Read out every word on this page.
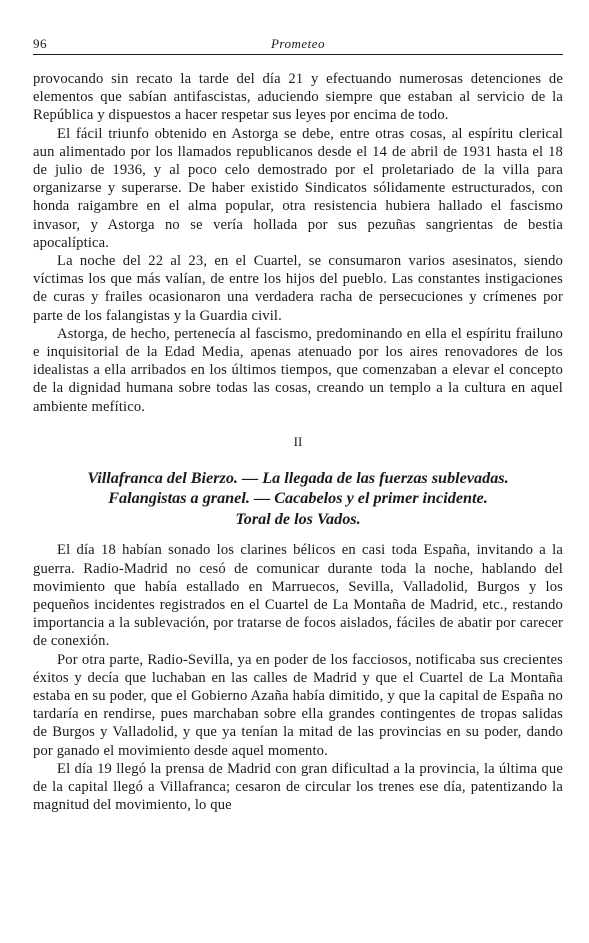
96	Prometeo

provocando sin recato la tarde del día 21 y efectuando numerosas detenciones de elementos que sabían antifascistas, aduciendo siempre que estaban al servicio de la República y dispuestos a hacer respetar sus leyes por encima de todo.

El fácil triunfo obtenido en Astorga se debe, entre otras cosas, al espíritu clerical aun alimentado por los llamados republicanos desde el 14 de abril de 1931 hasta el 18 de julio de 1936, y al poco celo demostrado por el proletariado de la villa para organizarse y superarse. De haber existido Sindicatos sólidamente estructurados, con honda raigambre en el alma popular, otra resistencia hubiera hallado el fascismo invasor, y Astorga no se vería hollada por sus pezuñas sangrientas de bestia apocalíptica.

La noche del 22 al 23, en el Cuartel, se consumaron varios asesinatos, siendo víctimas los que más valían, de entre los hijos del pueblo. Las constantes instigaciones de curas y frailes ocasionaron una verdadera racha de persecuciones y crímenes por parte de los falangistas y la Guardia civil.

Astorga, de hecho, pertenecía al fascismo, predominando en ella el espíritu frailuno e inquisitorial de la Edad Media, apenas atenuado por los aires renovadores de los idealistas a ella arribados en los últimos tiempos, que comenzaban a elevar el concepto de la dignidad humana sobre todas las cosas, creando un templo a la cultura en aquel ambiente mefítico.

II
Villafranca del Bierzo. — La llegada de las fuerzas sublevadas.
Falangistas a granel. — Cacabelos y el primer incidente.
Toral de los Vados.

El día 18 habían sonado los clarines bélicos en casi toda España, invitando a la guerra. Radio-Madrid no cesó de comunicar durante toda la noche, hablando del movimiento que había estallado en Marruecos, Sevilla, Valladolid, Burgos y los pequeños incidentes registrados en el Cuartel de La Montaña de Madrid, etc., restando importancia a la sublevación, por tratarse de focos aislados, fáciles de abatir por carecer de conexión.

Por otra parte, Radio-Sevilla, ya en poder de los facciosos, notificaba sus crecientes éxitos y decía que luchaban en las calles de Madrid y que el Cuartel de La Montaña estaba en su poder, que el Gobierno Azaña había dimitido, y que la capital de España no tardaría en rendirse, pues marchaban sobre ella grandes contingentes de tropas salidas de Burgos y Valladolid, y que ya tenían la mitad de las provincias en su poder, dando por ganado el movimiento desde aquel momento.

El día 19 llegó la prensa de Madrid con gran dificultad a la provincia, la última que de la capital llegó a Villafranca; cesaron de circular los trenes ese día, patentizando la magnitud del movimiento, lo que
